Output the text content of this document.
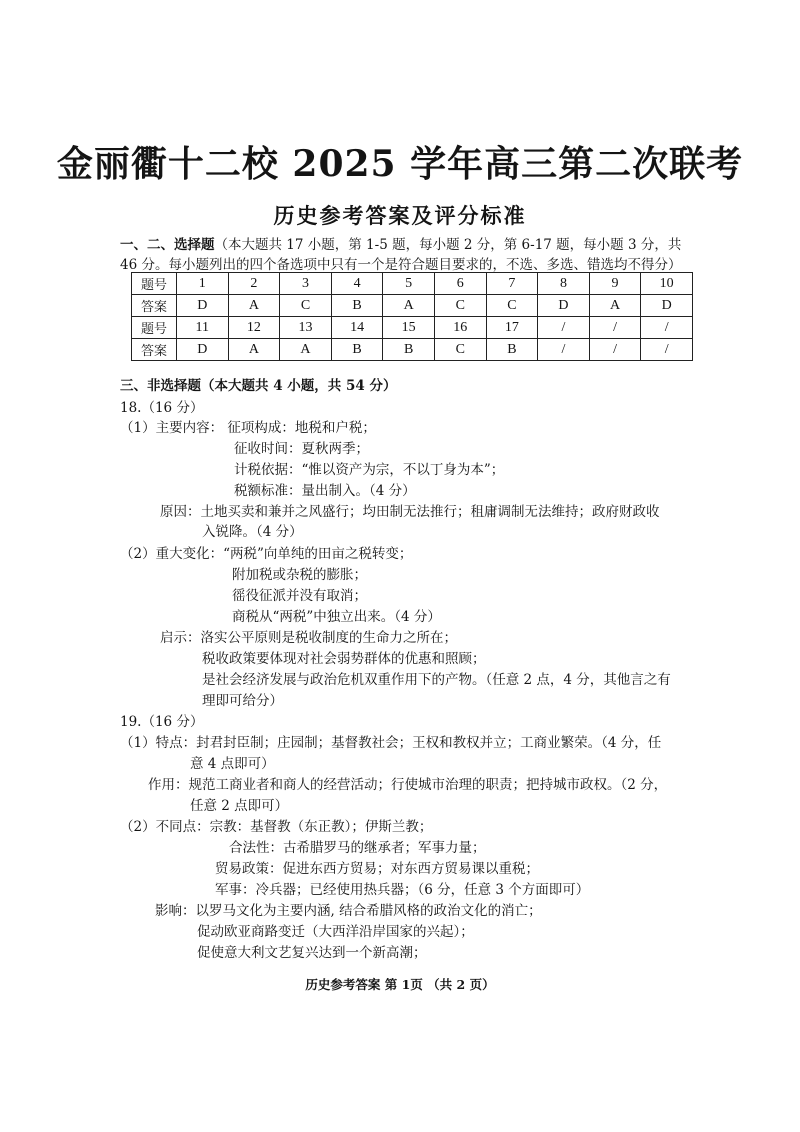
金丽衢十二校 2025 学年高三第二次联考
历史参考答案及评分标准
一、二、选择题（本大题共 17 小题，第 1-5 题，每小题 2 分，第 6-17 题，每小题 3 分，共
46 分。每小题列出的四个备选项中只有一个是符合题目要求的，不选、多选、错选均不得分）
题号	1	2	3	4	5	6	7	8	9	10
答案	D	A	C	B	A	C	C	D	A	D
题号	11	12	13	14	15	16	17	/	/	/
答案	D	A	A	B	B	C	B	/	/	/
三、非选择题（本大题共 4 小题，共 54 分）
18.（16 分）
（1）主要内容： 征项构成：地税和户税；
征收时间：夏秋两季；
计税依据：“惟以资产为宗，不以丁身为本”；
税额标准：量出制入。（4 分）
原因：土地买卖和兼并之风盛行；均田制无法推行；租庸调制无法维持；政府财政收
入锐降。（4 分）
（2）重大变化：“两税”向单纯的田亩之税转变；
附加税或杂税的膨胀；
徭役征派并没有取消；
商税从“两税”中独立出来。（4 分）
启示：洛实公平原则是税收制度的生命力之所在；
税收政策要体现对社会弱势群体的优惠和照顾；
是社会经济发展与政治危机双重作用下的产物。（任意 2 点，4 分，其他言之有
理即可给分）
19.（16 分）
（1）特点：封君封臣制；庄园制；基督教社会；王权和教权并立；工商业繁荣。（4 分，任
意 4 点即可）
作用：规范工商业者和商人的经营活动；行使城市治理的职责；把持城市政权。（2 分，
任意 2 点即可）
（2）不同点：宗教：基督教（东正教）；伊斯兰教；
合法性：古希腊罗马的继承者；军事力量；
贸易政策：促进东西方贸易；对东西方贸易课以重税；
军事：冷兵器；已经使用热兵器；（6 分，任意 3 个方面即可）
影响：以罗马文化为主要内涵, 结合希腊风格的政治文化的消亡；
促动欧亚商路变迁（大西洋沿岸国家的兴起）；
促使意大利文艺复兴达到一个新高潮；
历史参考答案 第 1页 （共 2 页）
